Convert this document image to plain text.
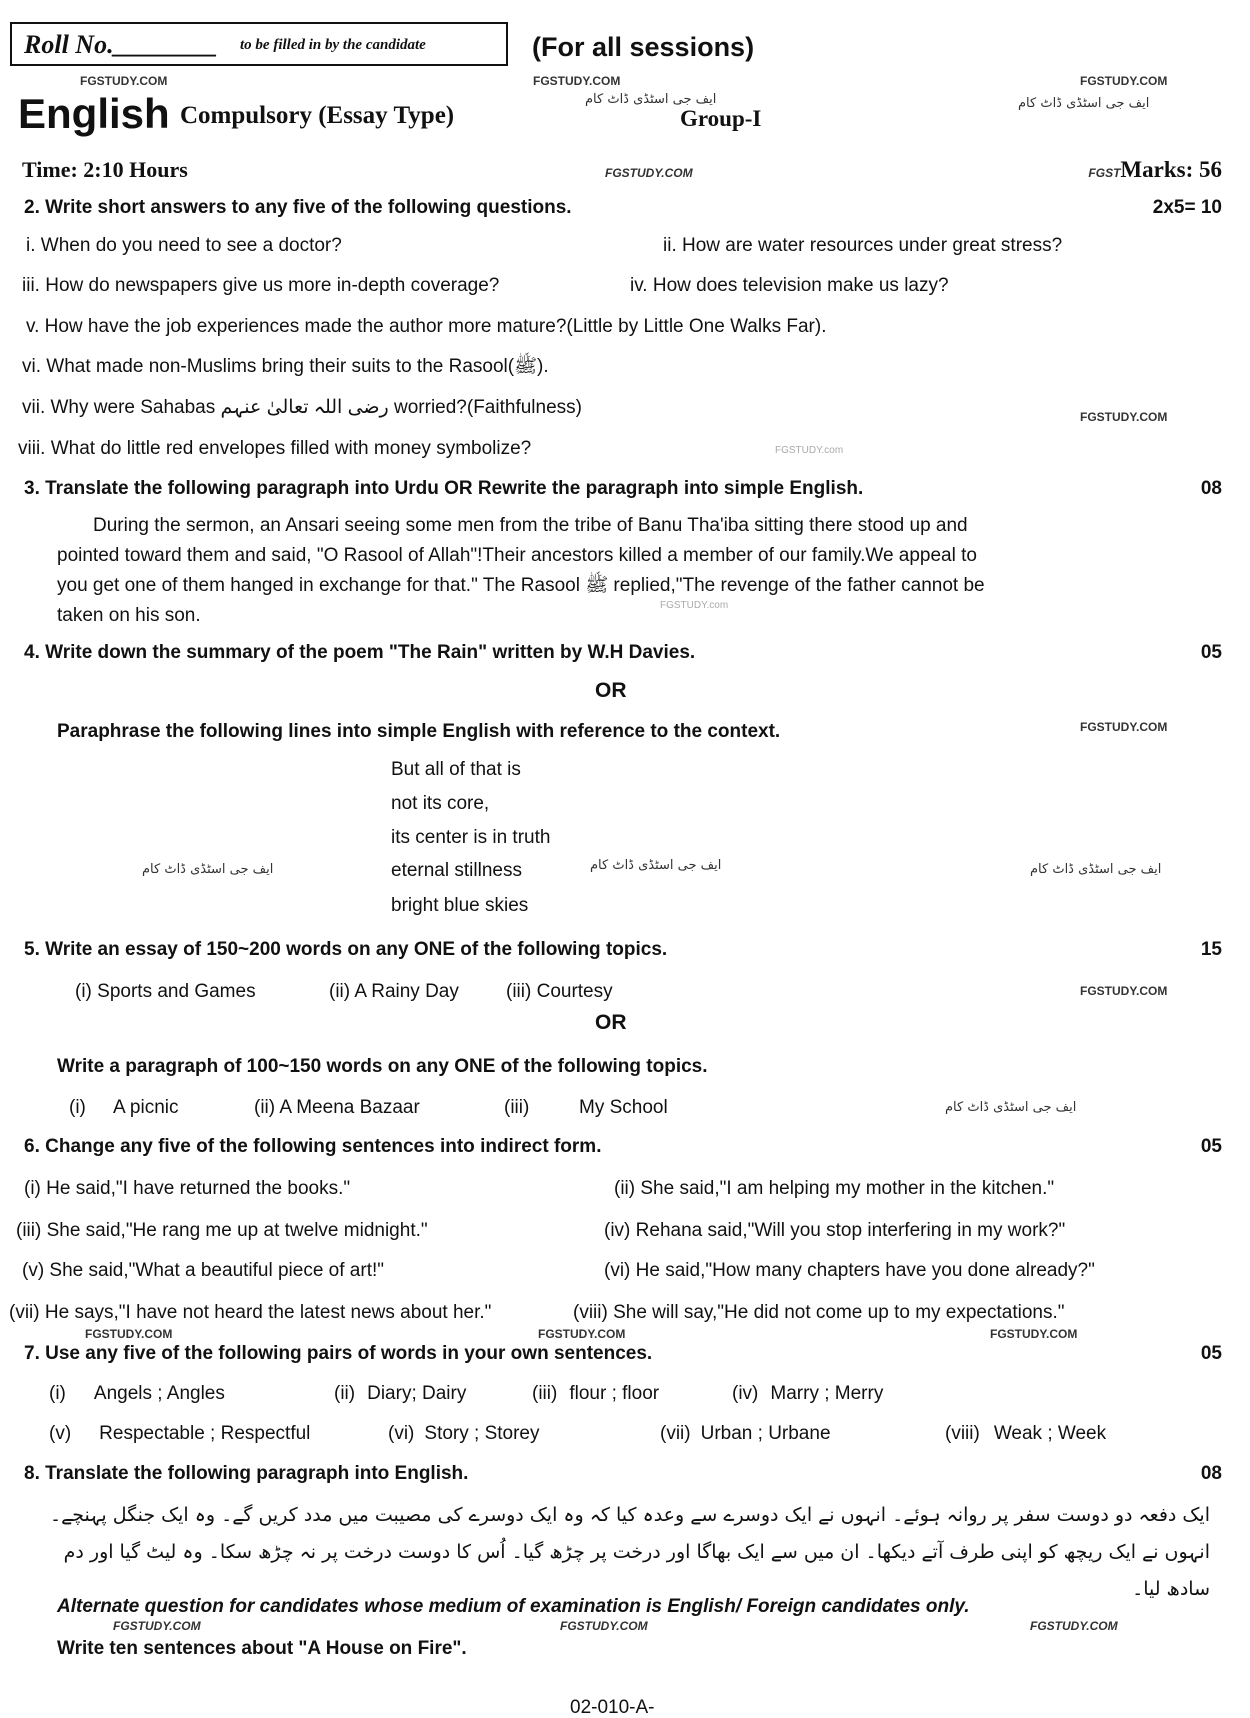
Roll No.________ to be filled in by the candidate	(For all sessions)
FGSTUDY.COM	FGSTUDY.COM	FGSTUDY.COM
ایف جی اسٹڈی ڈاٹ کام	ایف جی اسٹڈی ڈاٹ کام
English Compulsory (Essay Type)	Group-I
Time: 2:10 Hours	FGSTUDY.COM	FGSTMarks: 56
2. Write short answers to any five of the following questions.	2x5= 10
i. When do you need to see a doctor?	ii. How are water resources under great stress?
iii. How do newspapers give us more in-depth coverage?	iv. How does television make us lazy?
v. How have the job experiences made the author more mature?(Little by Little One Walks Far).
vi. What made non-Muslims bring their suits to the Rasool(ﷺ).
vii. Why were Sahabas رضی اللہ تعالیٰ عنہم worried?(Faithfulness)	FGSTUDY.COM
viii. What do little red envelopes filled with money symbolize?	FGSTUDY.com
3. Translate the following paragraph into Urdu OR Rewrite the paragraph into simple English.	08
During the sermon, an Ansari seeing some men from the tribe of Banu Tha'iba sitting there stood up and
pointed toward them and said, "O Rasool of Allah"!Their ancestors killed a member of our family.We appeal to
you get one of them hanged in exchange for that." The Rasool ﷺ replied,"The revenge of the father cannot be
taken on his son.	FGSTUDY.com
4. Write down the summary of the poem "The Rain" written by W.H Davies.	05
OR
FGSTUDY.COM
Paraphrase the following lines into simple English with reference to the context.
But all of that is
not its core,
its center is in truth
eternal stillness
bright blue skies
ایف جی اسٹڈی ڈاٹ کام	ایف جی اسٹڈی ڈاٹ کام	ایف جی اسٹڈی ڈاٹ کام
5. Write an essay of 150~200 words on any ONE of the following topics.	15
(i) Sports and Games	(ii) A Rainy Day (iii) Courtesy	FGSTUDY.COM
OR
Write a paragraph of 100~150 words on any ONE of the following topics.
(i) A picnic	(ii) A Meena Bazaar	(iii)	My School	ایف جی اسٹڈی ڈاٹ کام
6. Change any five of the following sentences into indirect form.	05
(i) He said,"I have returned the books."	(ii) She said,"I am helping my mother in the kitchen."
(iii) She said,"He rang me up at twelve midnight."	(iv) Rehana said,"Will you stop interfering in my work?"
(v) She said,"What a beautiful piece of art!"	(vi) He said,"How many chapters have you done already?"
(vii) He says,"I have not heard the latest news about her."	(viii) She will say,"He did not come up to my expectations."
FGSTUDY.COM	FGSTUDY.COM	FGSTUDY.COM
7. Use any five of the following pairs of words in your own sentences.	05
(i) Angels ; Angles	(ii) Diary; Dairy	(iii) flour ; floor	(iv) Marry ; Merry
(v) Respectable ; Respectful	(vi) Story ; Storey	(vii) Urban ; Urbane	(viii) Weak ; Week
8. Translate the following paragraph into English.	08
ایک دفعہ دو دوست سفر پر روانہ ہوئے۔ انہوں نے ایک دوسرے سے وعدہ کیا کہ وہ ایک دوسرے کی مصیبت میں مدد کریں گے۔ وہ ایک جنگل پہنچے۔ انہوں نے ایک ریچھ کو اپنی طرف آتے دیکھا۔ ان میں سے ایک بھاگا اور درخت پر چڑھ گیا۔ اُس کا دوست درخت پر نہ چڑھ سکا۔ وہ لیٹ گیا اور دم سادھ لیا۔
Alternate question for candidates whose medium of examination is English/ Foreign candidates only.
FGSTUDY.COM	FGSTUDY.COM	FGSTUDY.COM
Write ten sentences about "A House on Fire".
02-010-A-
